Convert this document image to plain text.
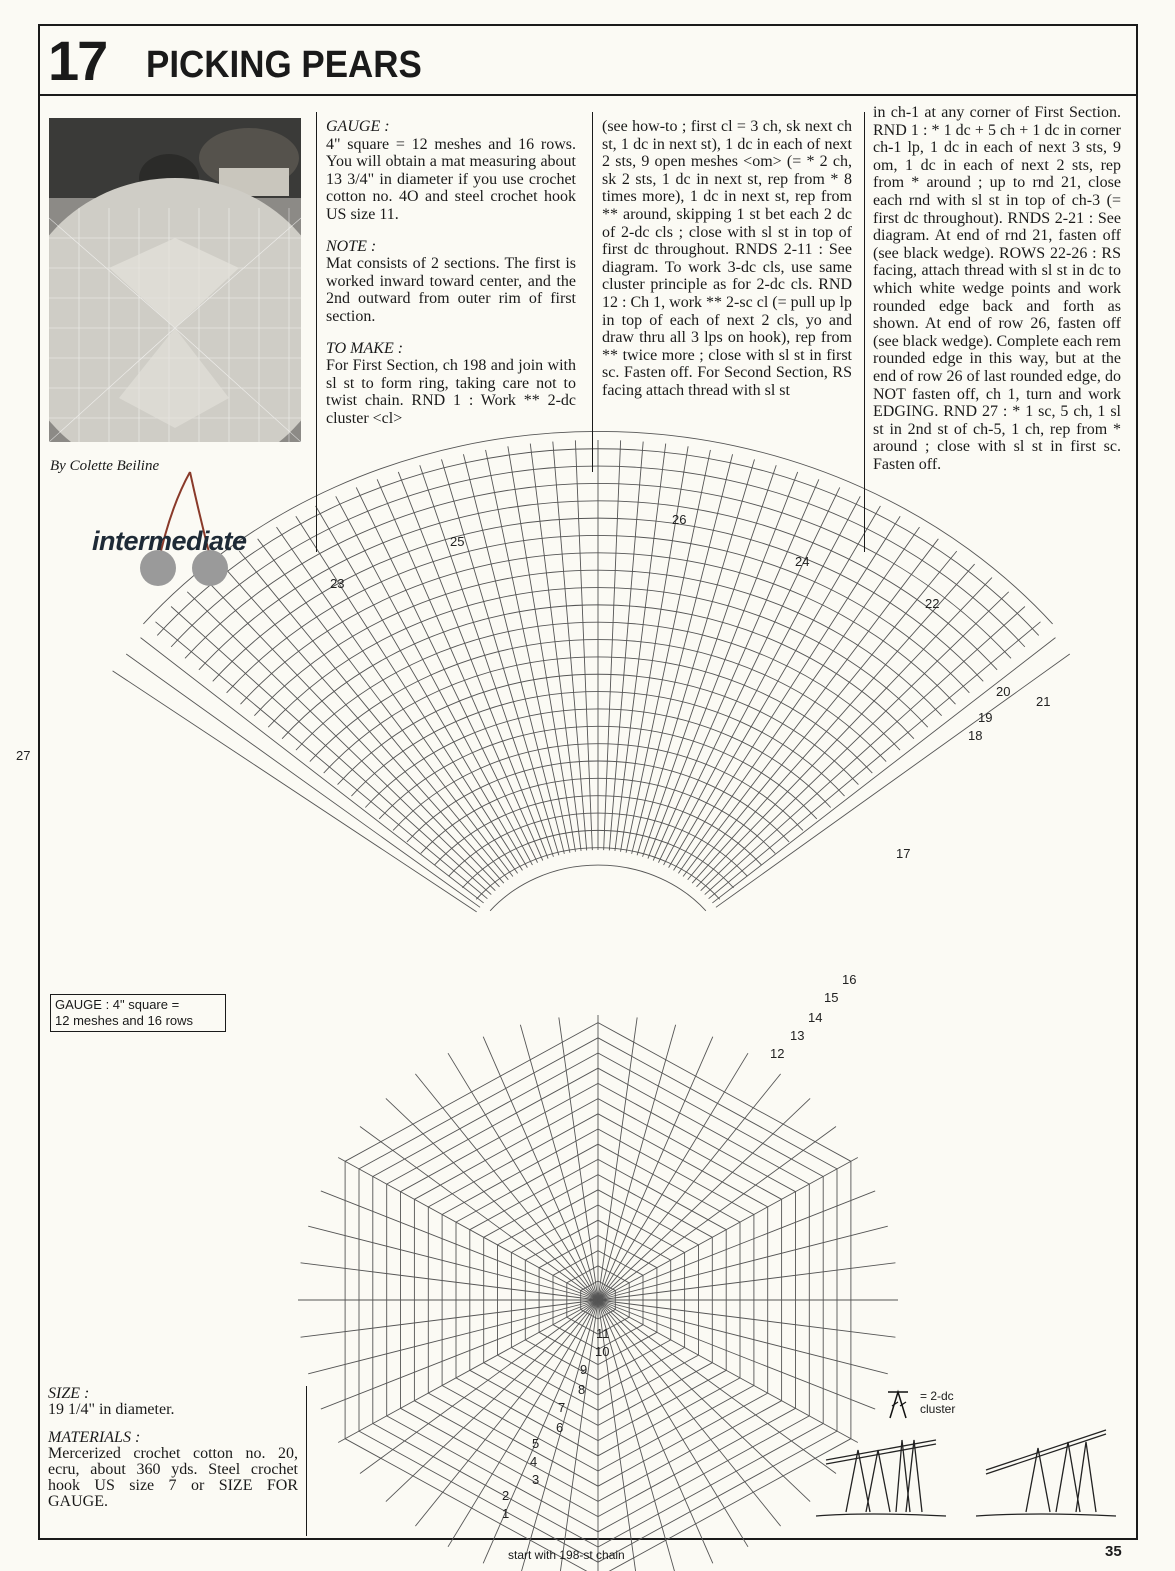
17 PICKING PEARS
22
23
24
25
26
27
1
2
3
4
5
6
7
8
9
10
11
12
13
14
15
16
17
18
19
20
21
By Colette Beiline
intermediate

GAUGE :

4" square = 12 meshes and 16 rows. You will obtain a mat measuring about 13 3/4" in diameter if you use crochet cotton no. 4O and steel crochet hook US size 11.

NOTE :

Mat consists of 2 sections. The first is worked inward toward center, and the 2nd outward from outer rim of first section.

TO MAKE :

For First Section, ch 198 and join with sl st to form ring, taking care not to twist chain. RND 1 : Work ** 2-dc cluster <cl>

(see how-to ; first cl = 3 ch, sk next ch st, 1 dc in next st), 1 dc in each of next 2 sts, 9 open meshes <om> (= * 2 ch, sk 2 sts, 1 dc in next st, rep from * 8 times more), 1 dc in next st, rep from ** around, skipping 1 st bet each 2 dc of 2-dc cls ; close with sl st in top of first dc throughout. RNDS 2-11 : See diagram. To work 3-dc cls, use same cluster principle as for 2-dc cls. RND 12 : Ch 1, work ** 2-sc cl (= pull up lp in top of each of next 2 cls, yo and draw thru all 3 lps on hook), rep from ** twice more ; close with sl st in first sc. Fasten off. For Second Section, RS facing attach thread with sl st

in ch-1 at any corner of First Section. RND 1 : * 1 dc + 5 ch + 1 dc in corner ch-1 lp, 1 dc in each of next 3 sts, 9 om, 1 dc in each of next 2 sts, rep from * around ; up to rnd 21, close each rnd with sl st in top of ch-3 (= first dc throughout). RNDS 2-21 : See diagram. At end of rnd 21, fasten off (see black wedge). ROWS 22-26 : RS facing, attach thread with sl st in dc to which white wedge points and work rounded edge back and forth as shown. At end of row 26, fasten off (see black wedge). Complete each rem rounded edge in this way, but at the end of row 26 of last rounded edge, do NOT fasten off, ch 1, turn and work EDGING. RND 27 : * 1 sc, 5 ch, 1 sl st in 2nd st of ch-5, 1 ch, rep from * around ; close with sl st in first sc. Fasten off.

GAUGE : 4" square =
12 meshes and 16 rows

SIZE :

19 1/4" in diameter.

MATERIALS :

Mercerized crochet cotton no. 20, ecru, about 360 yds. Steel crochet hook US size 7 or SIZE FOR GAUGE.

= 2-dc
cluster
start with 198-st chain	35
